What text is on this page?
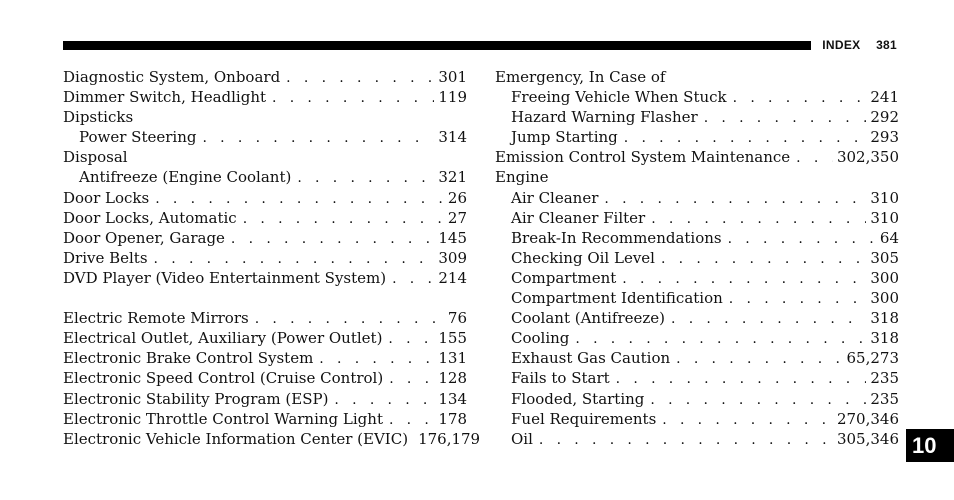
INDEX 381
Diagnostic System, Onboard . . .	301
Dimmer Switch, Headlight . . .	119
Dipsticks
Power Steering . . .	314
Disposal
Antifreeze (Engine Coolant) . . .	321
Door Locks . . .	26
Door Locks, Automatic . . .	27
Door Opener, Garage . . .	145
Drive Belts . . .	309
DVD Player (Video Entertainment System) . . .	214
Electric Remote Mirrors . . .	76
Electrical Outlet, Auxiliary (Power Outlet) . . .	155
Electronic Brake Control System . . .	131
Electronic Speed Control (Cruise Control) . . .	128
Electronic Stability Program (ESP) . . .	134
Electronic Throttle Control Warning Light . . .	178
Electronic Vehicle Information Center (EVIC) 176,179
Emergency, In Case of
Freeing Vehicle When Stuck . . .	241
Hazard Warning Flasher . . .	292
Jump Starting . . .	293
Emission Control System Maintenance . . .	302,350
Engine
Air Cleaner . . .	310
Air Cleaner Filter . . .	310
Break-In Recommendations . . .	64
Checking Oil Level . . .	305
Compartment . . .	300
Compartment Identification . . .	300
Coolant (Antifreeze) . . .	318
Cooling . . .	318
Exhaust Gas Caution . . .	65,273
Fails to Start . . .	235
Flooded, Starting . . .	235
Fuel Requirements . . .	270,346
Oil . . .	305,346 10
